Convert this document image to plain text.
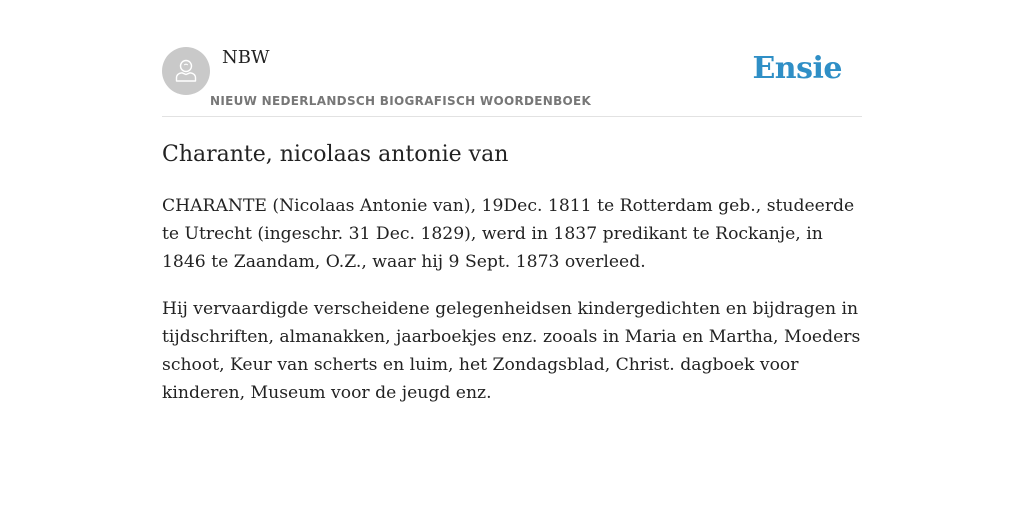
NBW
NIEUW NEDERLANDSCH BIOGRAFISCH WOORDENBOEK
Ensie
Charante, nicolaas antonie van

CHARANTE (Nicolaas Antonie van), 19Dec. 1811 te Rotterdam geb., studeerde te Utrecht (ingeschr. 31 Dec. 1829), werd in 1837 predikant te Rockanje, in 1846 te Zaandam, O.Z., waar hij 9 Sept. 1873 overleed.

Hij vervaardigde verscheidene gelegenheidsen kindergedichten en bijdragen in tijdschriften, almanakken, jaarboekjes enz. zooals in Maria en Martha, Moeders schoot, Keur van scherts en luim, het Zondagsblad, Christ. dagboek voor kinderen, Museum voor de jeugd enz.
